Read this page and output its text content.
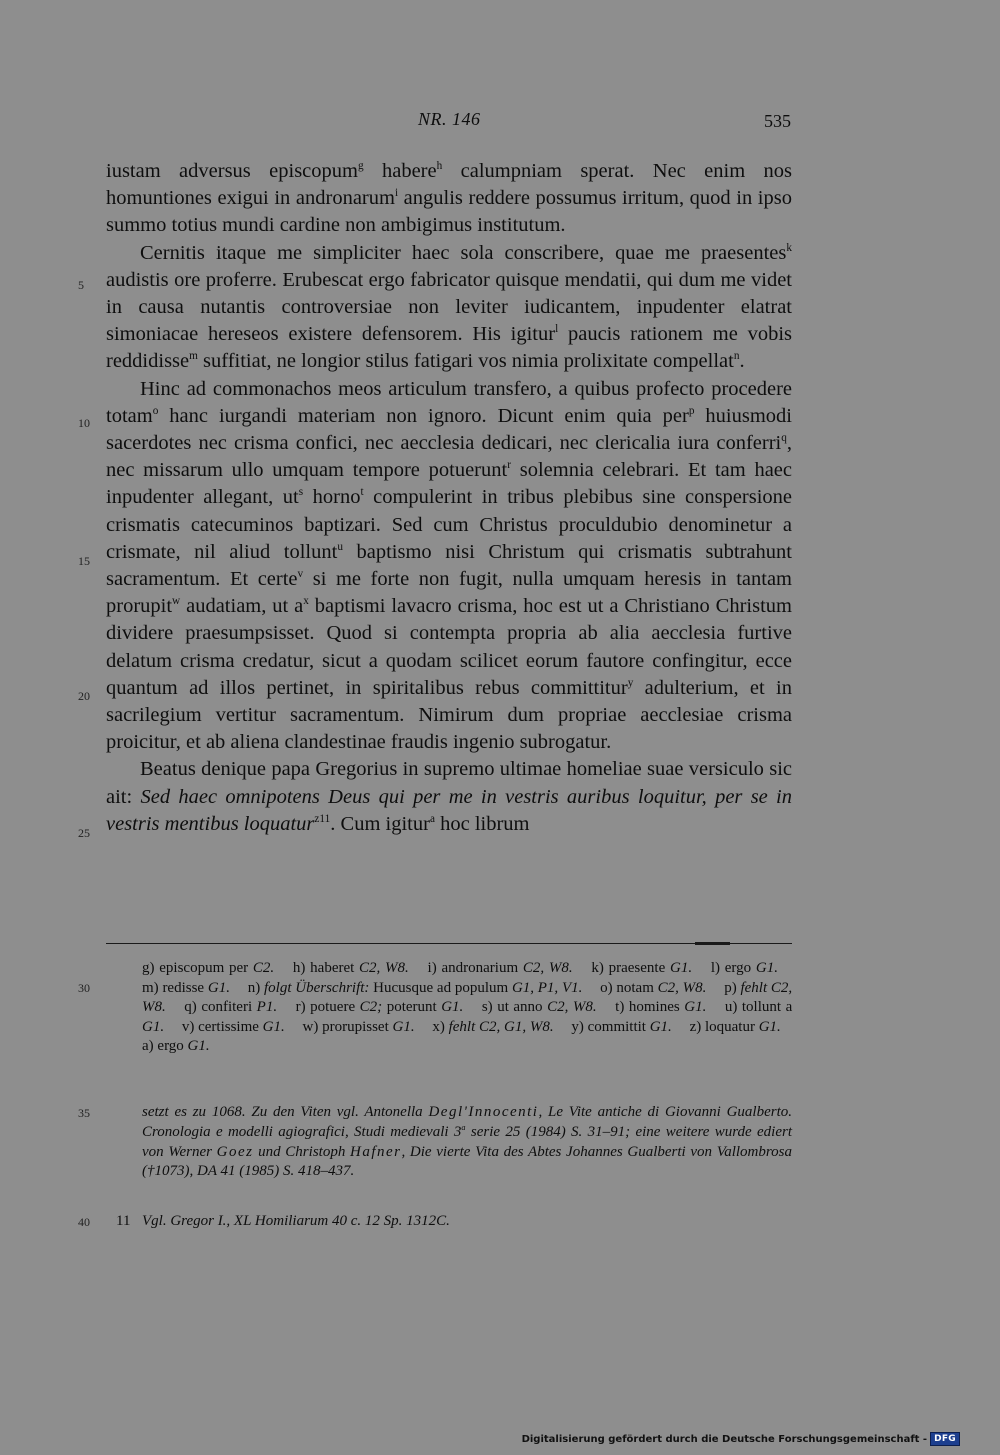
NR. 146	535
5
10
15
20
25
30
35
40

iustam adversus episcopum$^g$ habere$^h$ calumpniam sperat. Nec enim nos homuntiones exigui in andronarum$^i$ angulis reddere possumus irritum, quod in ipso summo totius mundi cardine non ambigimus institutum.

Cernitis itaque me simpliciter haec sola conscribere, quae me praesentes$^k$ audistis ore proferre. Erubescat ergo fabricator quisque mendatii, qui dum me videt in causa nutantis controversiae non leviter iudicantem, inpudenter elatrat simoniacae hereseos existere defensorem. His igitur$^l$ paucis rationem me vobis reddidisse$^m$ suffitiat, ne longior stilus fatigari vos nimia prolixitate compellat$^n$.

Hinc ad commonachos meos articulum transfero, a quibus profecto procedere totam$^o$ hanc iurgandi materiam non ignoro. Dicunt enim quia per$^p$ huiusmodi sacerdotes nec crisma confici, nec aecclesia dedicari, nec clericalia iura conferri$^q$, nec missarum ullo umquam tempore potuerunt$^r$ solemnia celebrari. Et tam haec inpudenter allegant, $ut^s$ horno$^t$ compulerint in tribus plebibus sine conspersione crismatis catecuminos baptizari. Sed cum Christus proculdubio denominetur a crismate, nil aliud tollunt$^u$ baptismo nisi Christum qui crismatis subtrahunt sacramentum. Et certe$^v$ si me forte non fugit, nulla umquam heresis in tantam prorupit$^w$ audatiam, ut $a^x$ baptismi lavacro crisma, hoc est ut a Christiano Christum dividere praesumpsisset. Quod si contempta propria ab alia aecclesia furtive delatum crisma credatur, sicut a quodam scilicet eorum fautore confingitur, ecce quantum ad illos pertinet, in spiritalibus rebus committitur$^y$ adulterium, et in sacrilegium vertitur sacramentum. Nimirum dum propriae aecclesiae crisma proicitur, et ab aliena clandestinae fraudis ingenio subrogatur.

Beatus denique papa Gregorius in supremo ultimae homeliae suae versiculo sic ait: Sed haec omnipotens Deus qui per me in vestris auribus loquitur, per se in vestris mentibus loquatur$^{z11}$. Cum igitur$^a$ hoc librum

g) episcopum per C2. h) haberet C2, W8. i) andronarium C2, W8. k) praesente G1. l) ergo G1. m) redisse G1. n) folgt Überschrift: Hucusque ad populum G1, P1, V1. o) notam C2, W8. p) fehlt C2, W8. q) confiteri P1. r) potuere C2; poterunt G1. s) ut anno C2, W8. t) homines G1. u) tollunt a G1. v) certissime G1. w) prorupisset G1. x) fehlt C2, G1, W8. y) committit G1. z) loquatur G1. a) ergo G1.
setzt es zu 1068. Zu den Viten vgl. Antonella Degl'Innocenti, Le Vite antiche di Giovanni Gualberto. Cronologia e modelli agiografici, Studi medievali 3$^a$ serie 25 (1984) S. 31–91; eine weitere wurde ediert von Werner Goez und Christoph Hafner, Die vierte Vita des Abtes Johannes Gualberti von Vallombrosa (†1073), DA 41 (1985) S. 418–437.
11 Vgl. Gregor I., XL Homiliarum 40 c. 12 Sp. 1312C.
Digitalisierung gefördert durch die Deutsche Forschungsgemeinschaft - DFG
